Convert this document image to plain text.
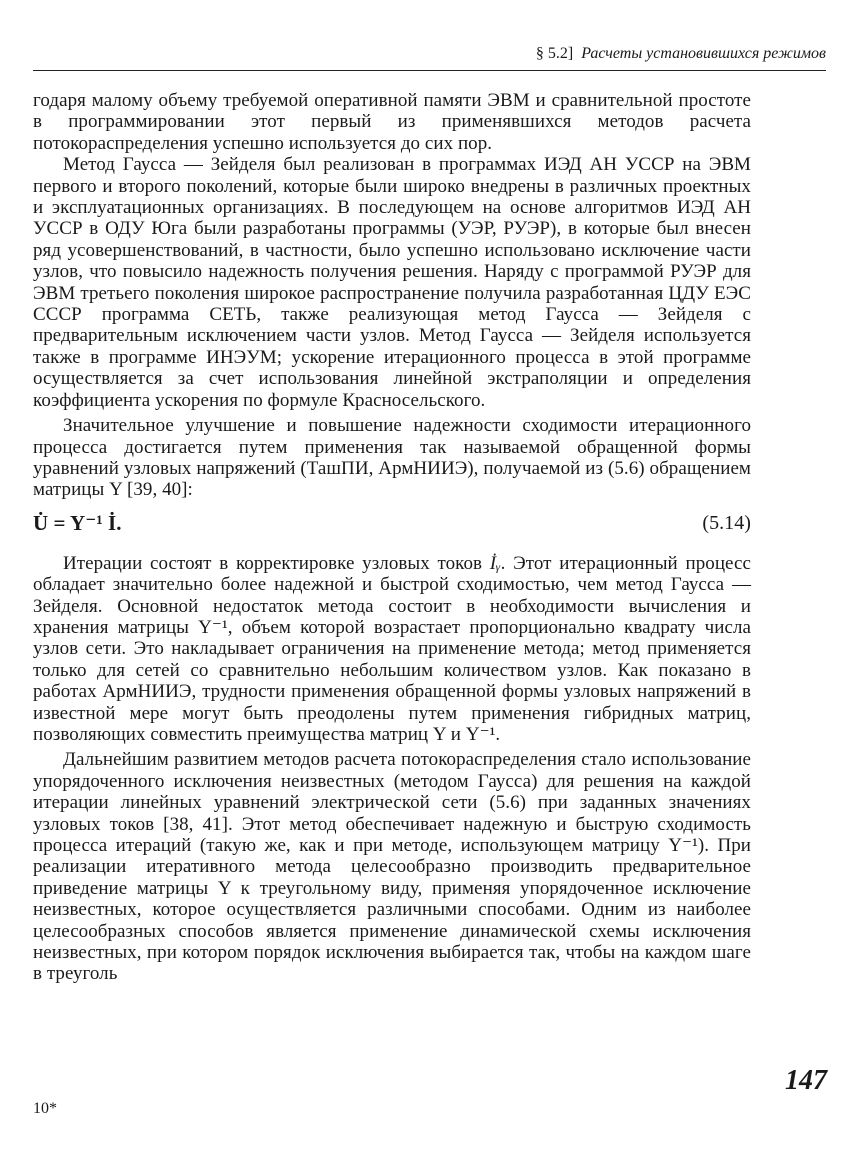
§ 5.2] Расчеты установившихся режимов

годаря малому объему требуемой оперативной памяти ЭВМ и сравнительной простоте в программировании этот первый из применявшихся методов расчета потокораспределения успешно используется до сих пор.

Метод Гаусса — Зейделя был реализован в программах ИЭД АН УССР на ЭВМ первого и второго поколений, которые были широко внедрены в различных проектных и эксплуатационных организациях. В последующем на основе алгоритмов ИЭД АН УССР в ОДУ Юга были разработаны программы (УЭР, РУЭР), в которые был внесен ряд усовершенствований, в частности, было успешно использовано исключение части узлов, что повысило надежность получения решения. Наряду с программой РУЭР для ЭВМ третьего поколения широкое распространение получила разработанная ЦДУ ЕЭС СССР программа СЕТЬ, также реализующая метод Гаусса — Зейделя с предварительным исключением части узлов. Метод Гаусса — Зейделя используется также в программе ИНЭУМ; ускорение итерационного процесса в этой программе осуществляется за счет использования линейной экстраполяции и определения коэффициента ускорения по формуле Красносельского.

Значительное улучшение и повышение надежности сходимости итерационного процесса достигается путем применения так называемой обращенной формы уравнений узловых напряжений (ТашПИ, АрмНИИЭ), получаемой из (5.6) обращением матрицы Y [39, 40]:

U̇ = Y⁻¹ İ.	(5.14)

Итерации состоят в корректировке узловых токов İᵧ. Этот итерационный процесс обладает значительно более надежной и быстрой сходимостью, чем метод Гаусса — Зейделя. Основной недостаток метода состоит в необходимости вычисления и хранения матрицы Y⁻¹, объем которой возрастает пропорционально квадрату числа узлов сети. Это накладывает ограничения на применение метода; метод применяется только для сетей со сравнительно небольшим количеством узлов. Как показано в работах АрмНИИЭ, трудности применения обращенной формы узловых напряжений в известной мере могут быть преодолены путем применения гибридных матриц, позволяющих совместить преимущества матриц Y и Y⁻¹.

Дальнейшим развитием методов расчета потокораспределения стало использование упорядоченного исключения неизвестных (методом Гаусса) для решения на каждой итерации линейных уравнений электрической сети (5.6) при заданных значениях узловых токов [38, 41]. Этот метод обеспечивает надежную и быструю сходимость процесса итераций (такую же, как и при методе, использующем матрицу Y⁻¹). При реализации итеративного метода целесообразно производить предварительное приведение матрицы Y к треугольному виду, применяя упорядоченное исключение неизвестных, которое осуществляется различными способами. Одним из наиболее целесообразных способов является применение динамической схемы исключения неизвестных, при котором порядок исключения выбирается так, чтобы на каждом шаге в треуголь

147
10*
